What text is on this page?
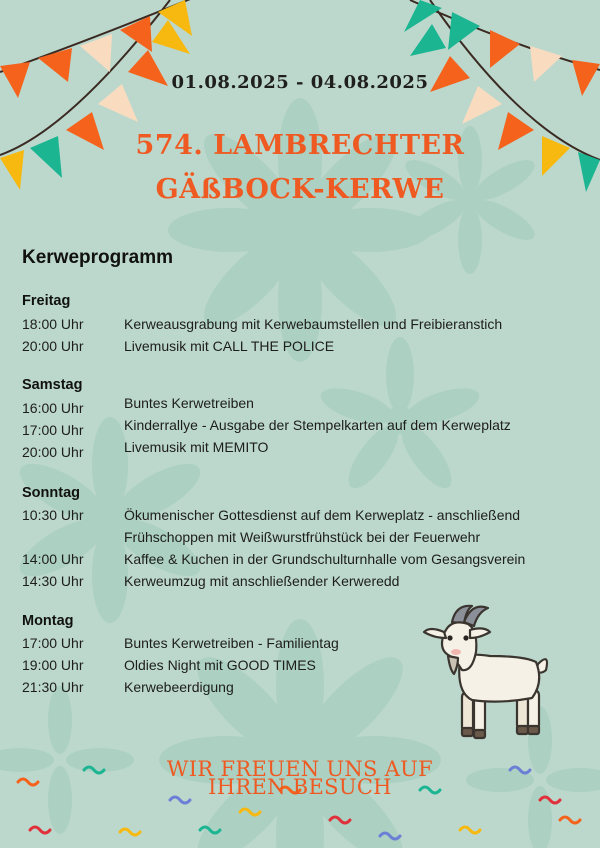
01.08.2025 - 04.08.2025
574. LAMBRECHTER
GÄßBOCK-KERWE
Kerweprogramm
Freitag
18:00 Uhr	Kerweausgrabung mit Kerwebaumstellen und Freibieranstich
20:00 Uhr	Livemusik mit CALL THE POLICE
Samstag
16:00 Uhr	Buntes Kerwetreiben
17:00 Uhr	Kinderrallye - Ausgabe der Stempelkarten auf dem Kerweplatz
20:00 Uhr	Livemusik mit MEMITO
Sonntag
10:30 Uhr	Ökumenischer Gottesdienst auf dem Kerweplatz - anschließend
Frühschoppen mit Weißwurstfrühstück bei der Feuerwehr
14:00 Uhr	Kaffee & Kuchen in der Grundschulturnhalle vom Gesangsverein
14:30 Uhr	Kerweumzug mit anschließender Kerweredd
Montag
17:00 Uhr	Buntes Kerwetreiben - Familientag
19:00 Uhr	Oldies Night mit GOOD TIMES
21:30 Uhr	Kerwebeerdigung
WIR FREUEN UNS AUF
IHREN BESUCH
